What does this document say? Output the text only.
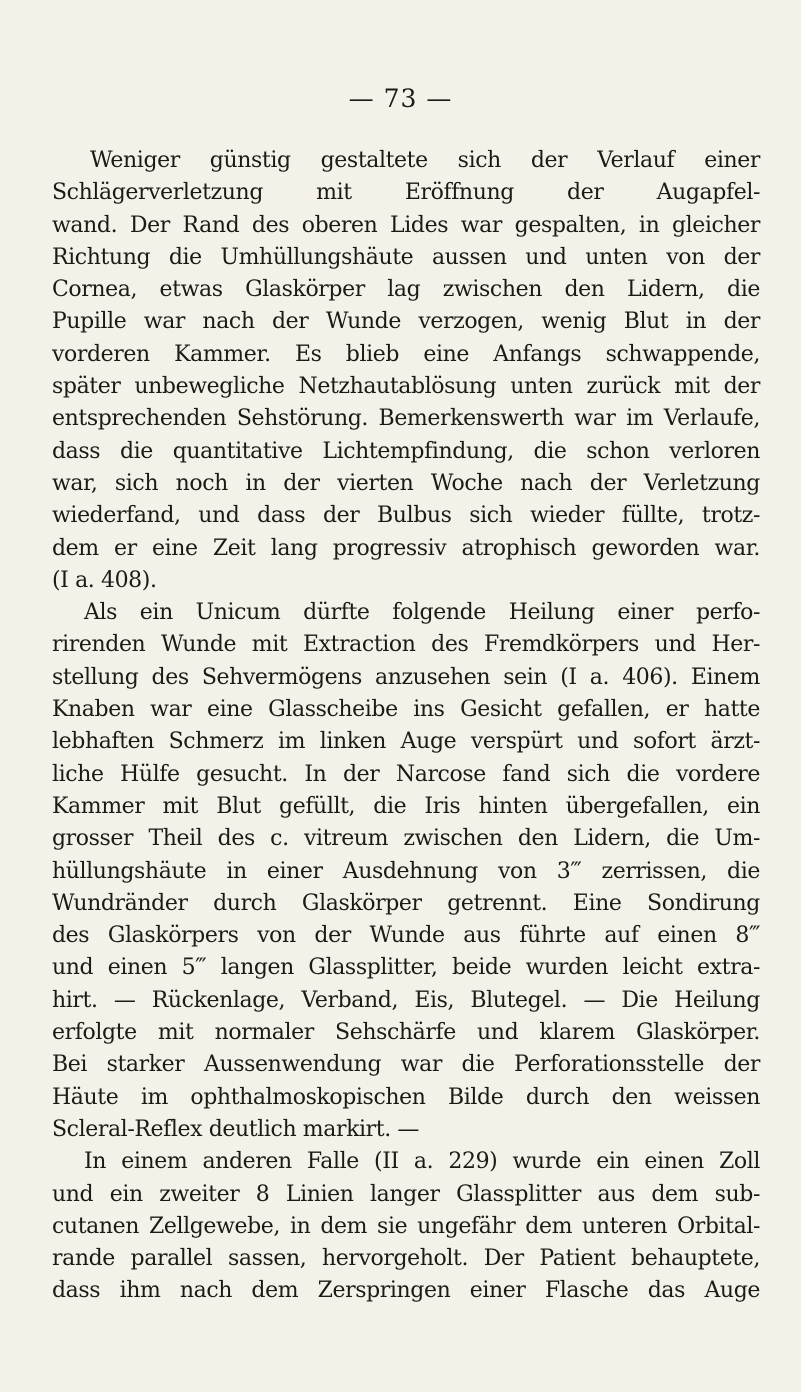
— 73 —
Weniger günstig gestaltete sich der Verlauf einer
Schlägerverletzung mit Eröffnung der Augapfel-
wand. Der Rand des oberen Lides war gespalten, in gleicher
Richtung die Umhüllungshäute aussen und unten von der
Cornea, etwas Glaskörper lag zwischen den Lidern, die
Pupille war nach der Wunde verzogen, wenig Blut in der
vorderen Kammer. Es blieb eine Anfangs schwappende,
später unbewegliche Netzhautablösung unten zurück mit der
entsprechenden Sehstörung. Bemerkenswerth war im Verlaufe,
dass die quantitative Lichtempfindung, die schon verloren
war, sich noch in der vierten Woche nach der Verletzung
wiederfand, und dass der Bulbus sich wieder füllte, trotz-
dem er eine Zeit lang progressiv atrophisch geworden war.
(I a. 408).
Als ein Unicum dürfte folgende Heilung einer perfo-
rirenden Wunde mit Extraction des Fremdkörpers und Her-
stellung des Sehvermögens anzusehen sein (I a. 406). Einem
Knaben war eine Glasscheibe ins Gesicht gefallen, er hatte
lebhaften Schmerz im linken Auge verspürt und sofort ärzt-
liche Hülfe gesucht. In der Narcose fand sich die vordere
Kammer mit Blut gefüllt, die Iris hinten übergefallen, ein
grosser Theil des c. vitreum zwischen den Lidern, die Um-
hüllungshäute in einer Ausdehnung von 3‴ zerrissen, die
Wundränder durch Glaskörper getrennt. Eine Sondirung
des Glaskörpers von der Wunde aus führte auf einen 8‴
und einen 5‴ langen Glassplitter, beide wurden leicht extra-
hirt. — Rückenlage, Verband, Eis, Blutegel. — Die Heilung
erfolgte mit normaler Sehschärfe und klarem Glaskörper.
Bei starker Aussenwendung war die Perforationsstelle der
Häute im ophthalmoskopischen Bilde durch den weissen
Scleral-Reflex deutlich markirt. —
In einem anderen Falle (II a. 229) wurde ein einen Zoll
und ein zweiter 8 Linien langer Glassplitter aus dem sub-
cutanen Zellgewebe, in dem sie ungefähr dem unteren Orbital-
rande parallel sassen, hervorgeholt. Der Patient behauptete,
dass ihm nach dem Zerspringen einer Flasche das Auge
